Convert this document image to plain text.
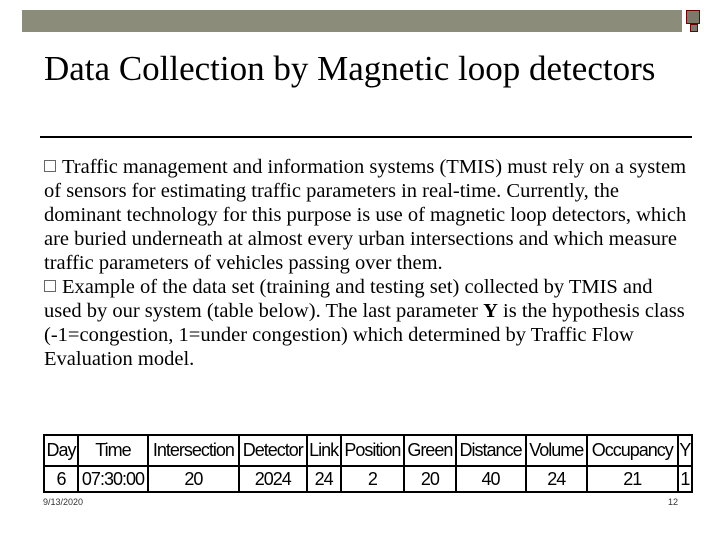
Data Collection by Magnetic loop detectors

Traffic management and information systems (TMIS) must rely on a system of sensors for estimating traffic parameters in real-time. Currently, the dominant technology for this purpose is use of magnetic loop detectors, which are buried underneath at almost every urban intersections and which measure traffic parameters of vehicles passing over them.

Example of the data set (training and testing set) collected by TMIS and used by our system (table below). The last parameter Y is the hypothesis class (-1=congestion, 1=under congestion) which determined by Traffic Flow Evaluation model.

Day	Time	Intersection	Detector	Link	Position	Green	Distance	Volume	Occupancy	Y
6	07:30:00	20	2024	24	2	20	40	24	21	1
9/13/2020	12
